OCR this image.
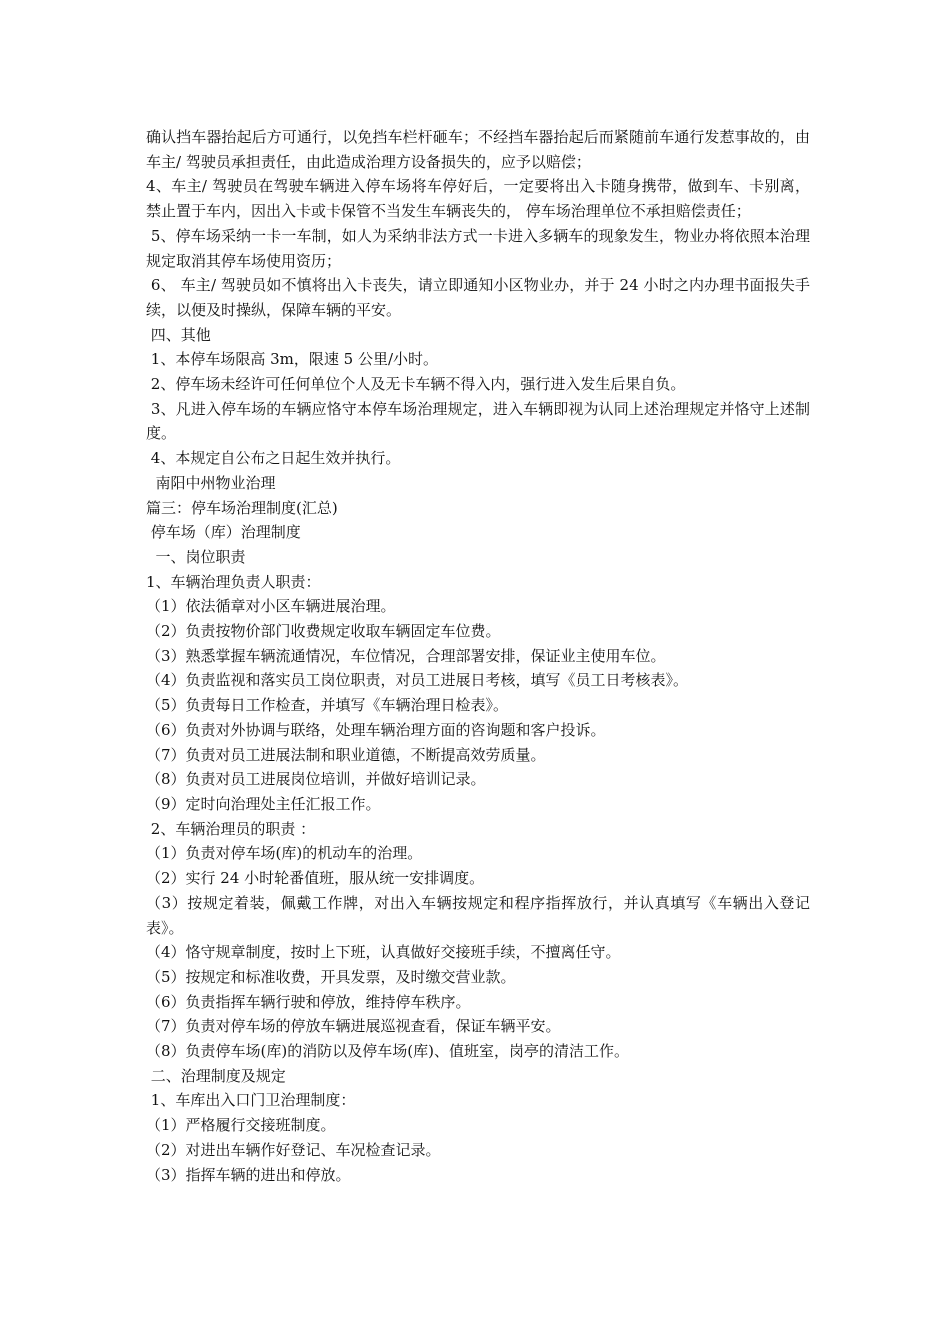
确认挡车器抬起后方可通行，以免挡车栏杆砸车；不经挡车器抬起后而紧随前车通行发惹事故的，由车主/ 驾驶员承担责任，由此造成治理方设备损失的，应予以赔偿；

4、车主/ 驾驶员在驾驶车辆进入停车场将车停好后，一定要将出入卡随身携带，做到车、卡别离，禁止置于车内，因出入卡或卡保管不当发生车辆丧失的， 停车场治理单位不承担赔偿责任；

5、停车场采纳一卡一车制，如人为采纳非法方式一卡进入多辆车的现象发生，物业办将依照本治理规定取消其停车场使用资历；

6、 车主/ 驾驶员如不慎将出入卡丧失，请立即通知小区物业办，并于 24 小时之内办理书面报失手续，以便及时操纵，保障车辆的平安。

四、其他

1、本停车场限高 3m，限速 5 公里/小时。

2、停车场未经许可任何单位个人及无卡车辆不得入内，强行进入发生后果自负。

3、凡进入停车场的车辆应恪守本停车场治理规定，进入车辆即视为认同上述治理规定并恪守上述制度。

4、本规定自公布之日起生效并执行。

南阳中州物业治理

篇三：停车场治理制度(汇总)

停车场（库）治理制度

一、岗位职责

1、车辆治理负责人职责：

（1）依法循章对小区车辆进展治理。

（2）负责按物价部门收费规定收取车辆固定车位费。

（3）熟悉掌握车辆流通情况，车位情况，合理部署安排，保证业主使用车位。

（4）负责监视和落实员工岗位职责，对员工进展日考核，填写《员工日考核表》。

（5）负责每日工作检查，并填写《车辆治理日检表》。

（6）负责对外协调与联络，处理车辆治理方面的咨询题和客户投诉。

（7）负责对员工进展法制和职业道德，不断提高效劳质量。

（8）负责对员工进展岗位培训，并做好培训记录。

（9）定时向治理处主任汇报工作。

2、车辆治理员的职责 ：

（1）负责对停车场(库)的机动车的治理。

（2）实行 24 小时轮番值班，服从统一安排调度。

（3）按规定着装，佩戴工作牌，对出入车辆按规定和程序指挥放行，并认真填写《车辆出入登记表》。

（4）恪守规章制度，按时上下班，认真做好交接班手续，不擅离任守。

（5）按规定和标准收费，开具发票，及时缴交营业款。

（6）负责指挥车辆行驶和停放，维持停车秩序。

（7）负责对停车场的停放车辆进展巡视查看，保证车辆平安。

（8）负责停车场(库)的消防以及停车场(库)、值班室，岗亭的清洁工作。

二、治理制度及规定

1、车库出入口门卫治理制度：

（1）严格履行交接班制度。

（2）对进出车辆作好登记、车况检查记录。

（3）指挥车辆的进出和停放。
